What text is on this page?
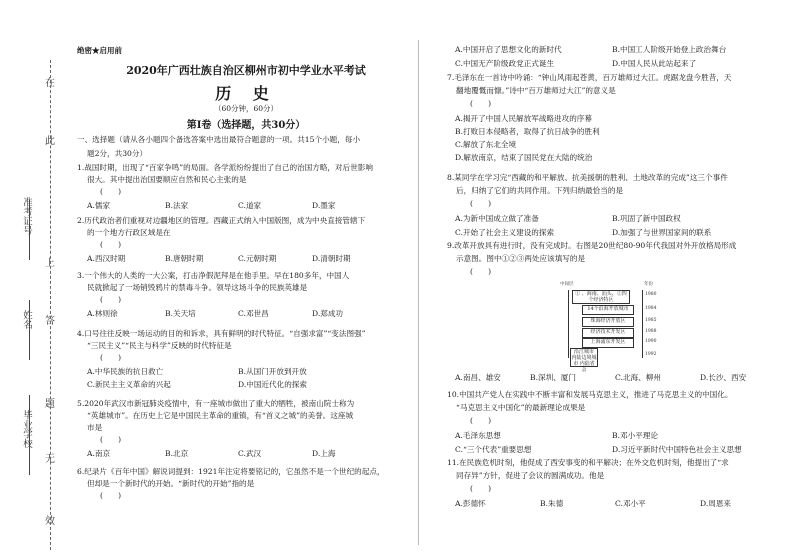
在
此
上
答
题
无
效
准考证号
姓名
毕业学校
绝密★启用前
2020年广西壮族自治区柳州市初中学业水平考试
历 史
（60分钟，60分）
第Ⅰ卷（选择题，共30分）
一、选择题（请从各小题四个备选答案中选出最符合题意的一项。共15个小题，每小
题2分，共30分）
1.战国时期，出现了“百家争鸣”的局面。各学派纷纷提出了自己的治国方略，对后世影响
很大。其中提出治国要顺应自然和民心主张的是
(　　)
A.儒家	B.法家	C.道家	D.墨家
2.历代政治者们重视对边疆地区的管理。西藏正式纳入中国版图，成为中央直接管辖下
的一个地方行政区域是在
(　　)
A.西汉时期	B.唐朝时期	C.元朝时期	D.清朝时期
3.一个伟大的人类的一大公案，打击净假泥拜是在他手里。早在180多年，中国人
民就掀起了一场销毁鸦片的禁毒斗争。领导这场斗争的民族英雄是
(　　)
A.林则徐	B.关天培	C.邓世昌	D.郑成功
4.口号往往反映一场运动的目的和诉求，具有鲜明的时代特征。“自强求富”“变法图强”
“三民主义”“民主与科学”反映的时代特征是
(　　)
A.中华民族的抗日救亡	B.从国门开放到开放
C.新民主主义革命的兴起	D.中国近代化的探索
5.2020年武汉市新冠肺炎疫情中，有一座城市做出了重大的牺牲，被南山院士称为
“英雄城市”。在历史上它是中国民主革命的重镇，有“首义之城”的美誉。这座城
市是
(　　)
A.南京	B.北京	C.武汉	D.上海
6.纪录片《百年中国》解说词提到：1921年注定将要铭记的，它虽然不是一个世纪的起点，
但却是一个新时代的开始。“新时代的开始”指的是
(　　)
A.中国开启了思想文化的新时代	B.中国工人阶级开始登上政治舞台
C.中国无产阶级政党正式诞生	D.中国人民从此站起来了
7.毛泽东在一首诗中吟诵：“钟山风雨起苍黄，百万雄师过大江。虎踞龙盘今胜昔，天
翻地覆慨而慷。”诗中“百万雄师过大江”的意义是
(　　)
A.揭开了中国人民解放军战略进攻的序幕
B.打败日本侵略者，取得了抗日战争的胜利
C.解放了东北全境
D.解放南京，结束了国民党在大陆的统治
8.某同学在学习完“西藏的和平解放、抗美援朝的胜利、土地改革的完成”这三个事件
后，归纳了它们的共同作用。下列归纳最恰当的是
(　　)
A.为新中国成立做了准备	B.巩固了新中国政权
C.开始了社会主义建设的探索	D.加强了与世界国家间的联系
9.改革开放具有进行时，没有完成时。右图是20世纪80-90年代我国对外开放格局形成
示意图。图中①②③两处应该填写的是
(　　)
A.南昌、雄安	B.深圳、厦门	C.北海、柳州	D.长沙、西安
10.中国共产党人在实践中不断丰富和发展马克思主义，推进了马克思主义的中国化。
“马克思主义中国化”的最新理论成果是
(　　)
A.毛泽东思想	B.邓小平理论
C.“三个代表”重要思想	D.习近平新时代中国特色社会主义思想
11.在民族危机时刻，他促成了西安事变的和平解决；在外交危机时刻，他提出了“求
同存异”方针，促进了会议的圆满成功。他是
(　　)
A.彭德怀	B.朱德	C.邓小平	D.周恩来
中间层	年份
① 、海南、汕头、②四个经济特区
14个沿海开放城市
珠海经济开放区
经济技术开发区
上海浦东开发区
沿江城市 内陆边境城市 内陆省会
1980
1984
1985
1988
1990
1992
